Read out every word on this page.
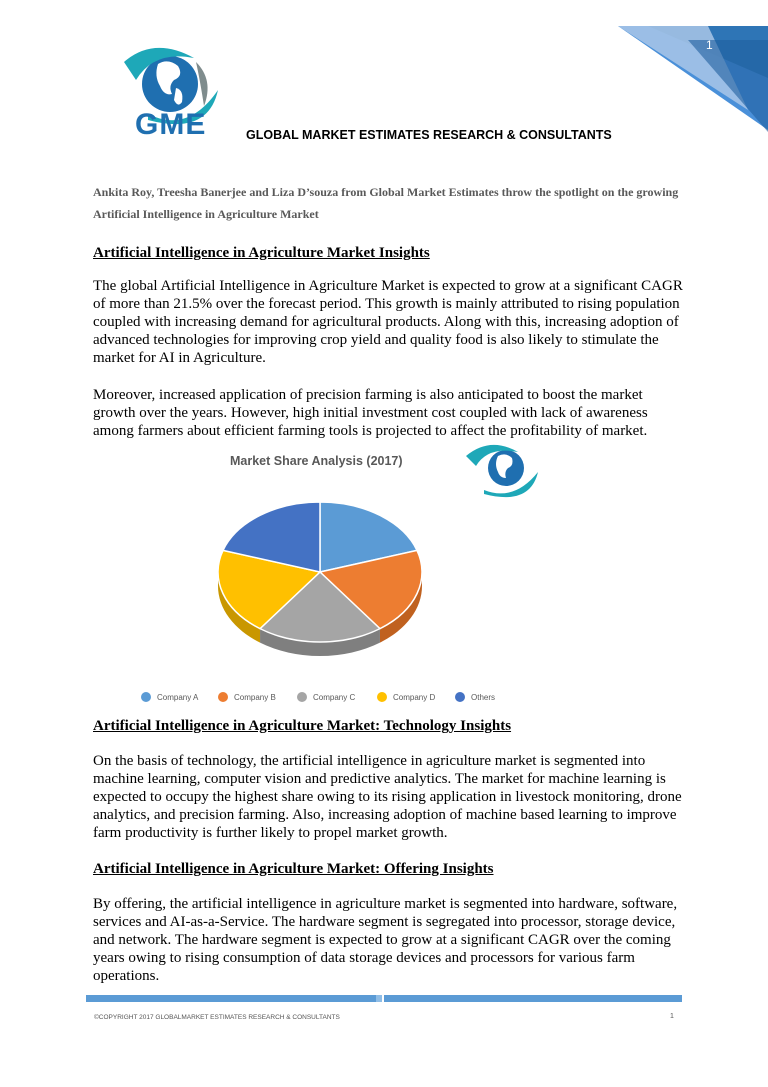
1
GME	GLOBAL MARKET ESTIMATES RESEARCH & CONSULTANTS
Ankita Roy, Treesha Banerjee and Liza D’souza from Global Market Estimates throw the spotlight on the growing Artificial Intelligence in Agriculture Market
Artificial Intelligence in Agriculture Market Insights

The global Artificial Intelligence in Agriculture Market is expected to grow at a significant CAGR of more than 21.5% over the forecast period. This growth is mainly attributed to rising population coupled with increasing demand for agricultural products. Along with this, increasing adoption of advanced technologies for improving crop yield and quality food is also likely to stimulate the market for AI in Agriculture.

Moreover, increased application of precision farming is also anticipated to boost the market growth over the years. However, high initial investment cost coupled with lack of awareness among farmers about efficient farming tools is projected to affect the profitability of market.

Market Share Analysis (2017)
Company A	Company B	Company C	Company D	Others
Artificial Intelligence in Agriculture Market: Technology Insights

On the basis of technology, the artificial intelligence in agriculture market is segmented into machine learning, computer vision and predictive analytics. The market for machine learning is expected to occupy the highest share owing to its rising application in livestock monitoring, drone analytics, and precision farming. Also, increasing adoption of machine based learning to improve farm productivity is further likely to propel market growth.

Artificial Intelligence in Agriculture Market: Offering Insights

By offering, the artificial intelligence in agriculture market is segmented into hardware, software, services and AI-as-a-Service. The hardware segment is segregated into processor, storage device, and network. The hardware segment is expected to grow at a significant CAGR over the coming years owing to rising consumption of data storage devices and processors for various farm operations.

©COPYRIGHT 2017 GLOBALMARKET ESTIMATES RESEARCH & CONSULTANTS	1
